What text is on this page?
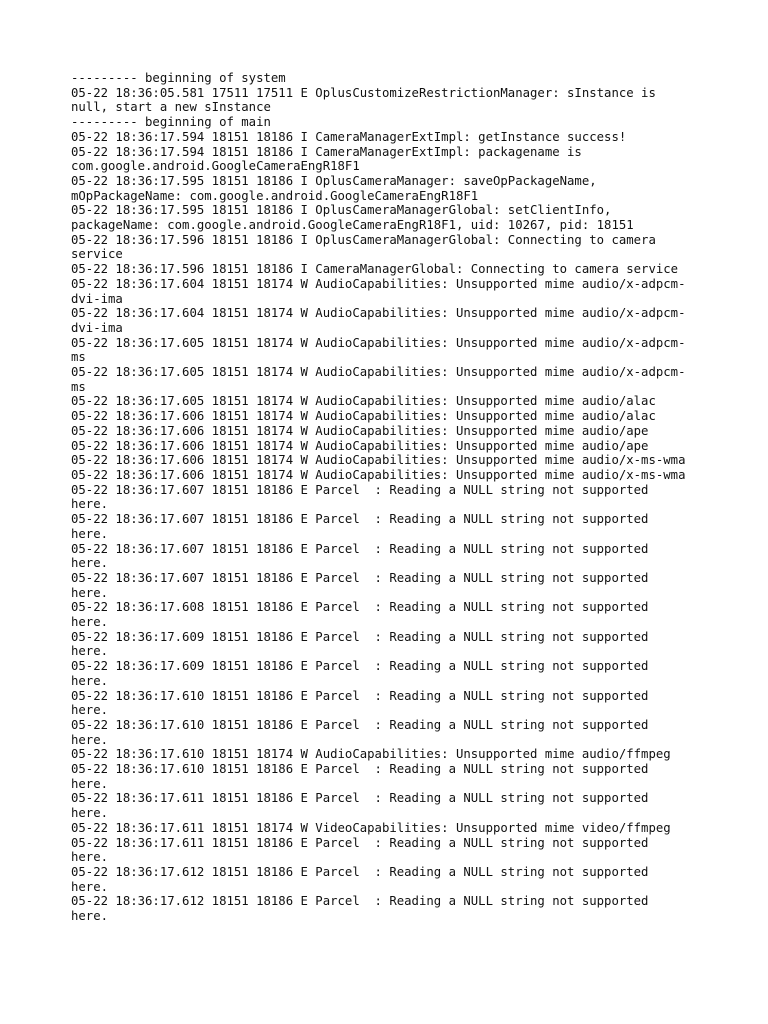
--------- beginning of system
05-22 18:36:05.581 17511 17511 E OplusCustomizeRestrictionManager: sInstance is
null, start a new sInstance
--------- beginning of main
05-22 18:36:17.594 18151 18186 I CameraManagerExtImpl: getInstance success!
05-22 18:36:17.594 18151 18186 I CameraManagerExtImpl: packagename is
com.google.android.GoogleCameraEngR18F1
05-22 18:36:17.595 18151 18186 I OplusCameraManager: saveOpPackageName,
mOpPackageName: com.google.android.GoogleCameraEngR18F1
05-22 18:36:17.595 18151 18186 I OplusCameraManagerGlobal: setClientInfo,
packageName: com.google.android.GoogleCameraEngR18F1, uid: 10267, pid: 18151
05-22 18:36:17.596 18151 18186 I OplusCameraManagerGlobal: Connecting to camera
service
05-22 18:36:17.596 18151 18186 I CameraManagerGlobal: Connecting to camera service
05-22 18:36:17.604 18151 18174 W AudioCapabilities: Unsupported mime audio/x-adpcm-
dvi-ima
05-22 18:36:17.604 18151 18174 W AudioCapabilities: Unsupported mime audio/x-adpcm-
dvi-ima
05-22 18:36:17.605 18151 18174 W AudioCapabilities: Unsupported mime audio/x-adpcm-
ms
05-22 18:36:17.605 18151 18174 W AudioCapabilities: Unsupported mime audio/x-adpcm-
ms
05-22 18:36:17.605 18151 18174 W AudioCapabilities: Unsupported mime audio/alac
05-22 18:36:17.606 18151 18174 W AudioCapabilities: Unsupported mime audio/alac
05-22 18:36:17.606 18151 18174 W AudioCapabilities: Unsupported mime audio/ape
05-22 18:36:17.606 18151 18174 W AudioCapabilities: Unsupported mime audio/ape
05-22 18:36:17.606 18151 18174 W AudioCapabilities: Unsupported mime audio/x-ms-wma
05-22 18:36:17.606 18151 18174 W AudioCapabilities: Unsupported mime audio/x-ms-wma
05-22 18:36:17.607 18151 18186 E Parcel  : Reading a NULL string not supported
here.
05-22 18:36:17.607 18151 18186 E Parcel  : Reading a NULL string not supported
here.
05-22 18:36:17.607 18151 18186 E Parcel  : Reading a NULL string not supported
here.
05-22 18:36:17.607 18151 18186 E Parcel  : Reading a NULL string not supported
here.
05-22 18:36:17.608 18151 18186 E Parcel  : Reading a NULL string not supported
here.
05-22 18:36:17.609 18151 18186 E Parcel  : Reading a NULL string not supported
here.
05-22 18:36:17.609 18151 18186 E Parcel  : Reading a NULL string not supported
here.
05-22 18:36:17.610 18151 18186 E Parcel  : Reading a NULL string not supported
here.
05-22 18:36:17.610 18151 18186 E Parcel  : Reading a NULL string not supported
here.
05-22 18:36:17.610 18151 18174 W AudioCapabilities: Unsupported mime audio/ffmpeg
05-22 18:36:17.610 18151 18186 E Parcel  : Reading a NULL string not supported
here.
05-22 18:36:17.611 18151 18186 E Parcel  : Reading a NULL string not supported
here.
05-22 18:36:17.611 18151 18174 W VideoCapabilities: Unsupported mime video/ffmpeg
05-22 18:36:17.611 18151 18186 E Parcel  : Reading a NULL string not supported
here.
05-22 18:36:17.612 18151 18186 E Parcel  : Reading a NULL string not supported
here.
05-22 18:36:17.612 18151 18186 E Parcel  : Reading a NULL string not supported
here.
